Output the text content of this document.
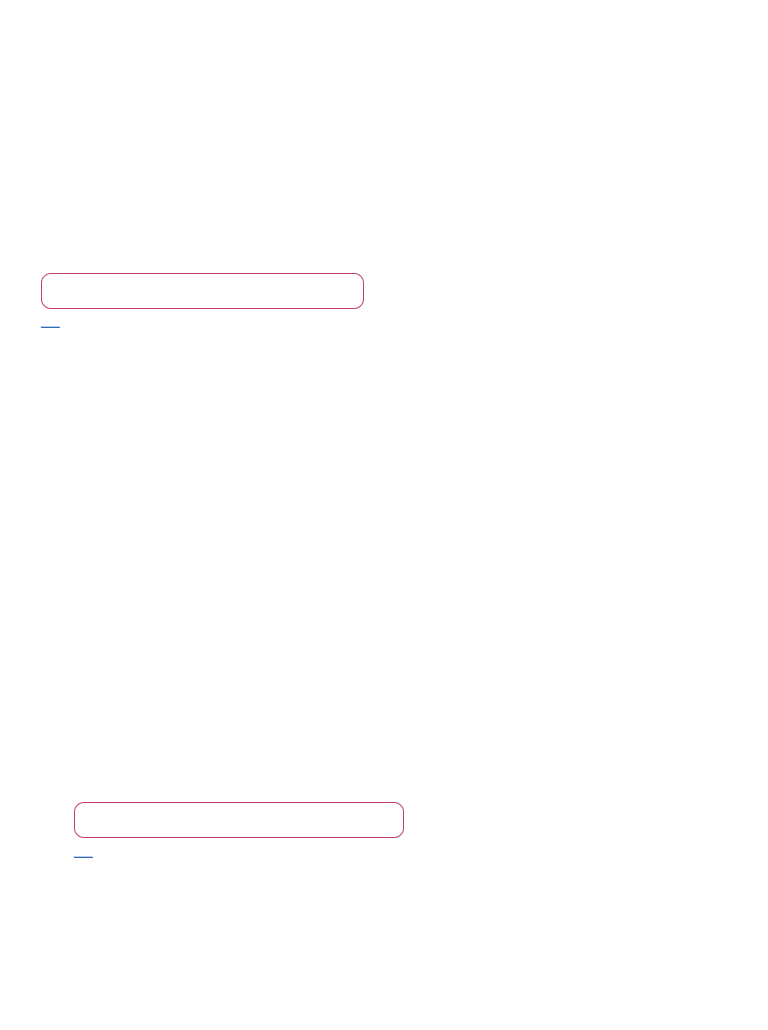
____
____
